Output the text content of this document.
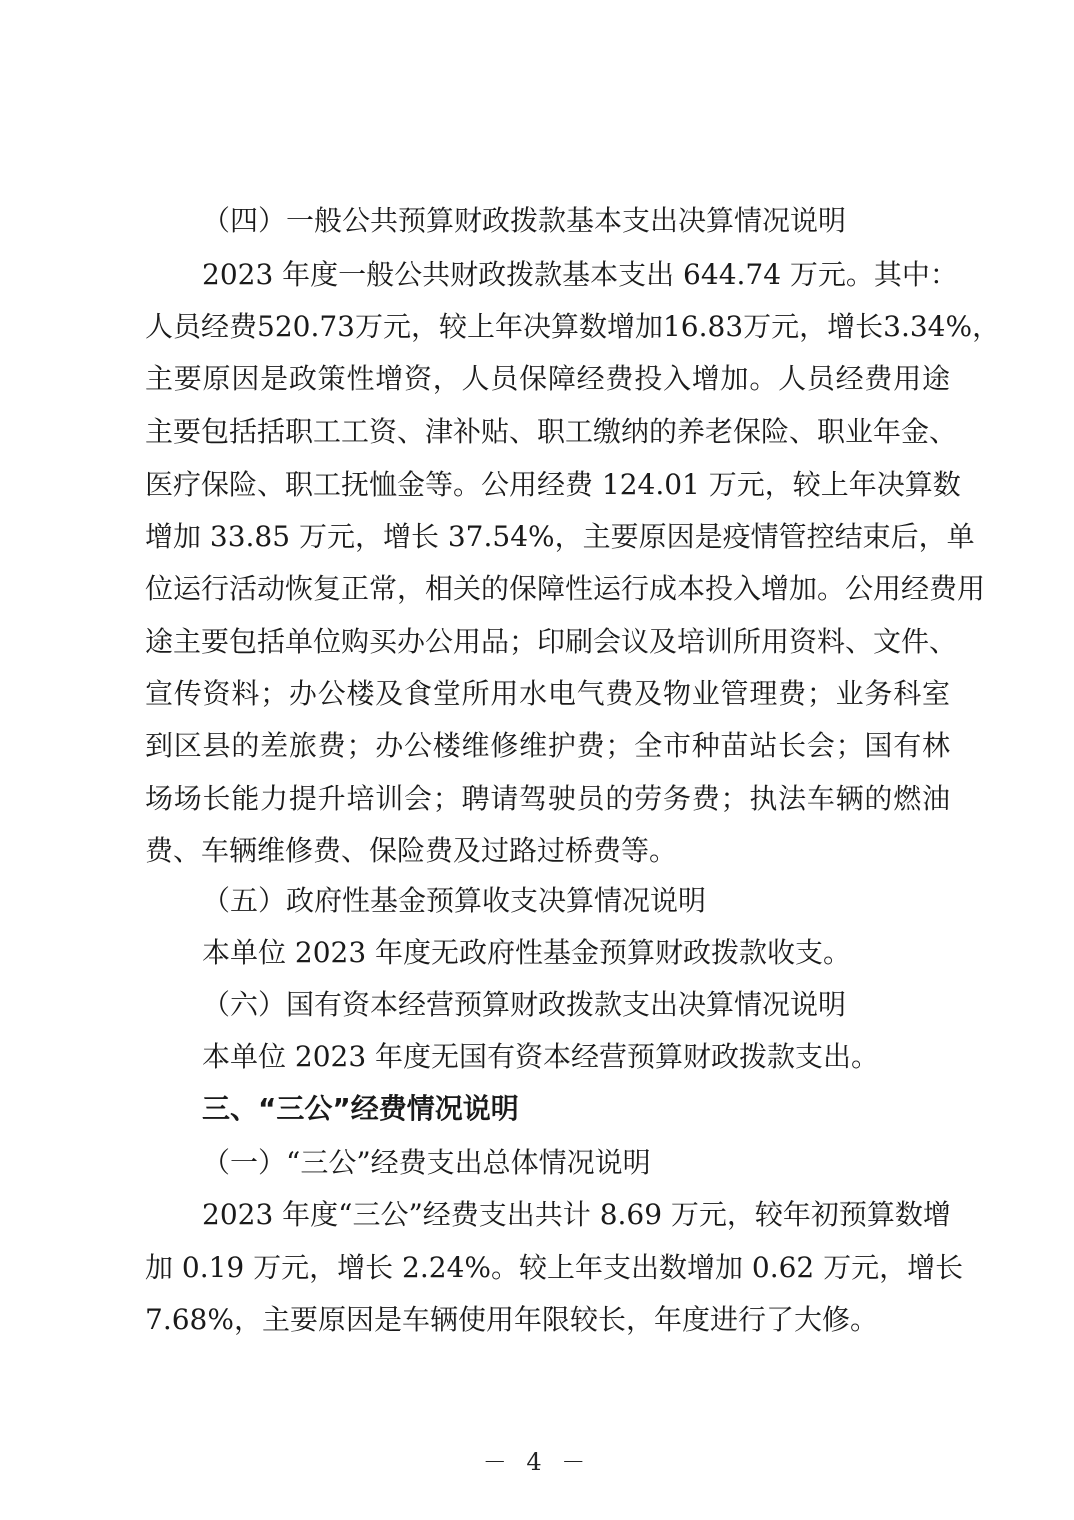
（四）一般公共预算财政拨款基本支出决算情况说明
2023 年度一般公共财政拨款基本支出 644.74 万元。其中：
人员经费520.73万元，较上年决算数增加16.83万元，增长3.34%，
主要原因是政策性增资，人员保障经费投入增加。人员经费用途
主要包括括职工工资、津补贴、职工缴纳的养老保险、职业年金、
医疗保险、职工抚恤金等。公用经费 124.01 万元，较上年决算数
增加 33.85 万元，增长 37.54%，主要原因是疫情管控结束后，单
位运行活动恢复正常，相关的保障性运行成本投入增加。公用经费用
途主要包括单位购买办公用品；印刷会议及培训所用资料、文件、
宣传资料；办公楼及食堂所用水电气费及物业管理费；业务科室
到区县的差旅费；办公楼维修维护费；全市种苗站长会；国有林
场场长能力提升培训会；聘请驾驶员的劳务费；执法车辆的燃油
费、车辆维修费、保险费及过路过桥费等。
（五）政府性基金预算收支决算情况说明
本单位 2023 年度无政府性基金预算财政拨款收支。
（六）国有资本经营预算财政拨款支出决算情况说明
本单位 2023 年度无国有资本经营预算财政拨款支出。
三、“三公”经费情况说明
（一）“三公”经费支出总体情况说明
2023 年度“三公”经费支出共计 8.69 万元，较年初预算数增
加 0.19 万元，增长 2.24%。较上年支出数增加 0.62 万元，增长
7.68%，主要原因是车辆使用年限较长，年度进行了大修。
－ 4 －
